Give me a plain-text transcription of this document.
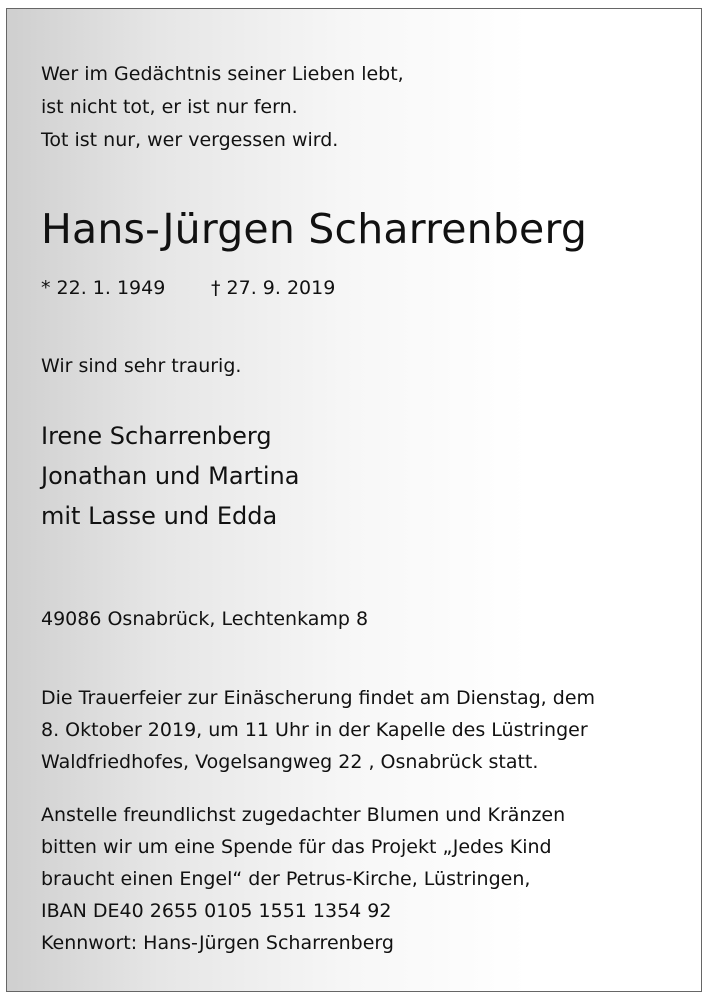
Wer im Gedächtnis seiner Lieben lebt,
ist nicht tot, er ist nur fern.
Tot ist nur, wer vergessen wird.
Hans-Jürgen Scharrenberg
* 22. 1. 1949 † 27. 9. 2019
Wir sind sehr traurig.
Irene Scharrenberg
Jonathan und Martina
mit Lasse und Edda
49086 Osnabrück, Lechtenkamp 8
Die Trauerfeier zur Einäscherung findet am Dienstag, dem
8. Oktober 2019, um 11 Uhr in der Kapelle des Lüstringer
Waldfriedhofes, Vogelsangweg 22 , Osnabrück statt.
Anstelle freundlichst zugedachter Blumen und Kränzen
bitten wir um eine Spende für das Projekt „Jedes Kind
braucht einen Engel“ der Petrus-Kirche, Lüstringen,
IBAN DE40 2655 0105 1551 1354 92
Kennwort: Hans-Jürgen Scharrenberg
